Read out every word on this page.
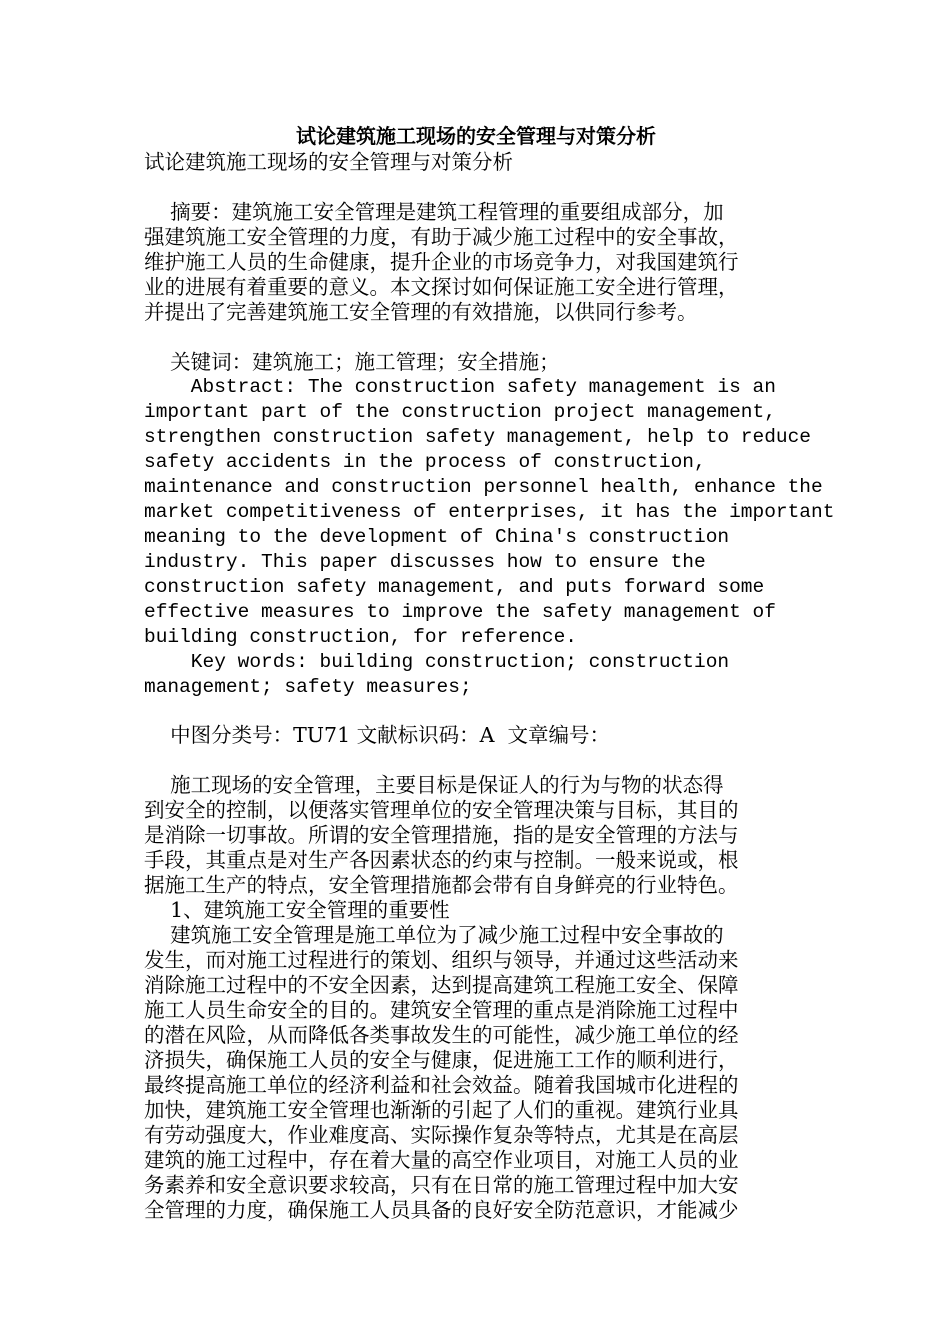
试论建筑施工现场的安全管理与对策分析

试论建筑施工现场的安全管理与对策分析

摘要：建筑施工安全管理是建筑工程管理的重要组成部分，加
强建筑施工安全管理的力度，有助于减少施工过程中的安全事故，
维护施工人员的生命健康，提升企业的市场竞争力，对我国建筑行
业的进展有着重要的意义。本文探讨如何保证施工安全进行管理，
并提出了完善建筑施工安全管理的有效措施，以供同行参考。

关键词：建筑施工；施工管理；安全措施；

Abstract: The construction safety management is an
important part of the construction project management,
strengthen construction safety management, help to reduce
safety accidents in the process of construction,
maintenance and construction personnel health, enhance the
market competitiveness of enterprises, it has the important
meaning to the development of China's construction
industry. This paper discusses how to ensure the
construction safety management, and puts forward some
effective measures to improve the safety management of
building construction, for reference.

Key words: building construction; construction
management; safety measures;

中图分类号：TU71 文献标识码：A  文章编号：

施工现场的安全管理，主要目标是保证人的行为与物的状态得
到安全的控制，以便落实管理单位的安全管理决策与目标，其目的
是消除一切事故。所谓的安全管理措施，指的是安全管理的方法与
手段，其重点是对生产各因素状态的约束与控制。一般来说或，根
据施工生产的特点，安全管理措施都会带有自身鲜亮的行业特色。

1、建筑施工安全管理的重要性

建筑施工安全管理是施工单位为了减少施工过程中安全事故的
发生，而对施工过程进行的策划、组织与领导，并通过这些活动来
消除施工过程中的不安全因素，达到提高建筑工程施工安全、保障
施工人员生命安全的目的。建筑安全管理的重点是消除施工过程中
的潜在风险，从而降低各类事故发生的可能性，减少施工单位的经
济损失，确保施工人员的安全与健康，促进施工工作的顺利进行，
最终提高施工单位的经济利益和社会效益。随着我国城市化进程的
加快，建筑施工安全管理也渐渐的引起了人们的重视。建筑行业具
有劳动强度大，作业难度高、实际操作复杂等特点，尤其是在高层
建筑的施工过程中，存在着大量的高空作业项目，对施工人员的业
务素养和安全意识要求较高，只有在日常的施工管理过程中加大安
全管理的力度，确保施工人员具备的良好安全防范意识，才能减少
